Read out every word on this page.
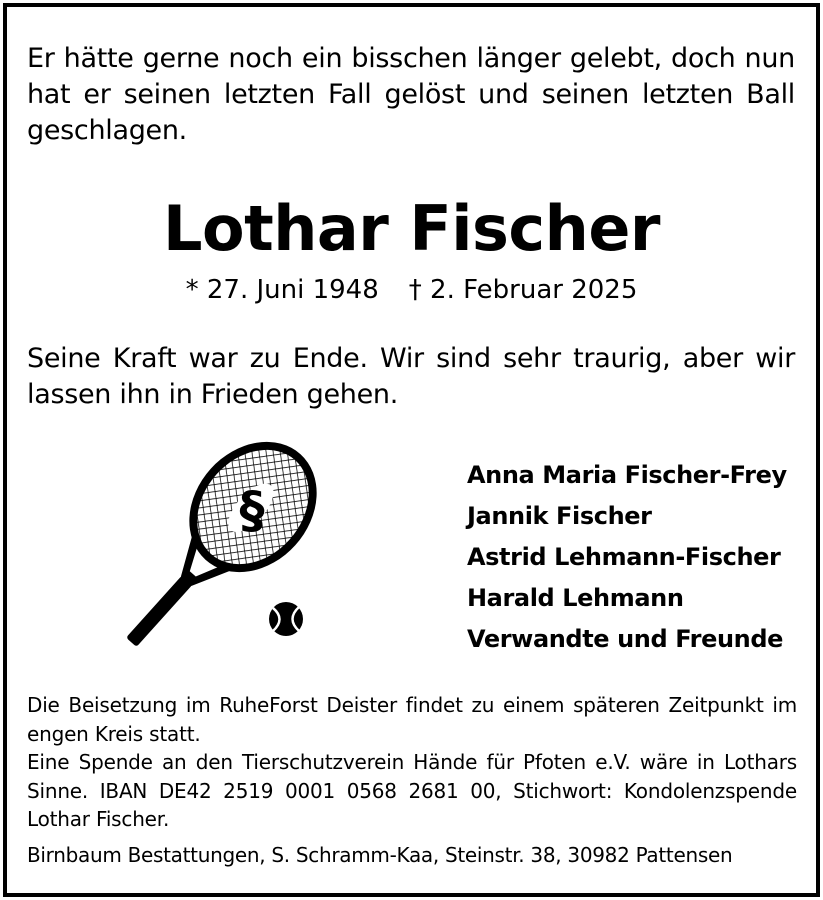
Er hätte gerne noch ein bisschen länger gelebt, doch nun hat er seinen letzten Fall gelöst und seinen letzten Ball geschlagen.
Lothar Fischer
* 27. Juni 1948 † 2. Februar 2025
Seine Kraft war zu Ende. Wir sind sehr traurig, aber wir lassen ihn in Frieden gehen.
§
Anna Maria Fischer-Frey
Jannik Fischer
Astrid Lehmann-Fischer
Harald Lehmann
Verwandte und Freunde

Die Beisetzung im RuheForst Deister findet zu einem späteren Zeitpunkt im engen Kreis statt.

Eine Spende an den Tierschutzverein Hände für Pfoten e.V. wäre in Lothars Sinne. IBAN DE42 2519 0001 0568 2681 00, Stichwort: Kondolenzspende Lothar Fischer.

Birnbaum Bestattungen, S. Schramm-Kaa, Steinstr. 38, 30982 Pattensen
